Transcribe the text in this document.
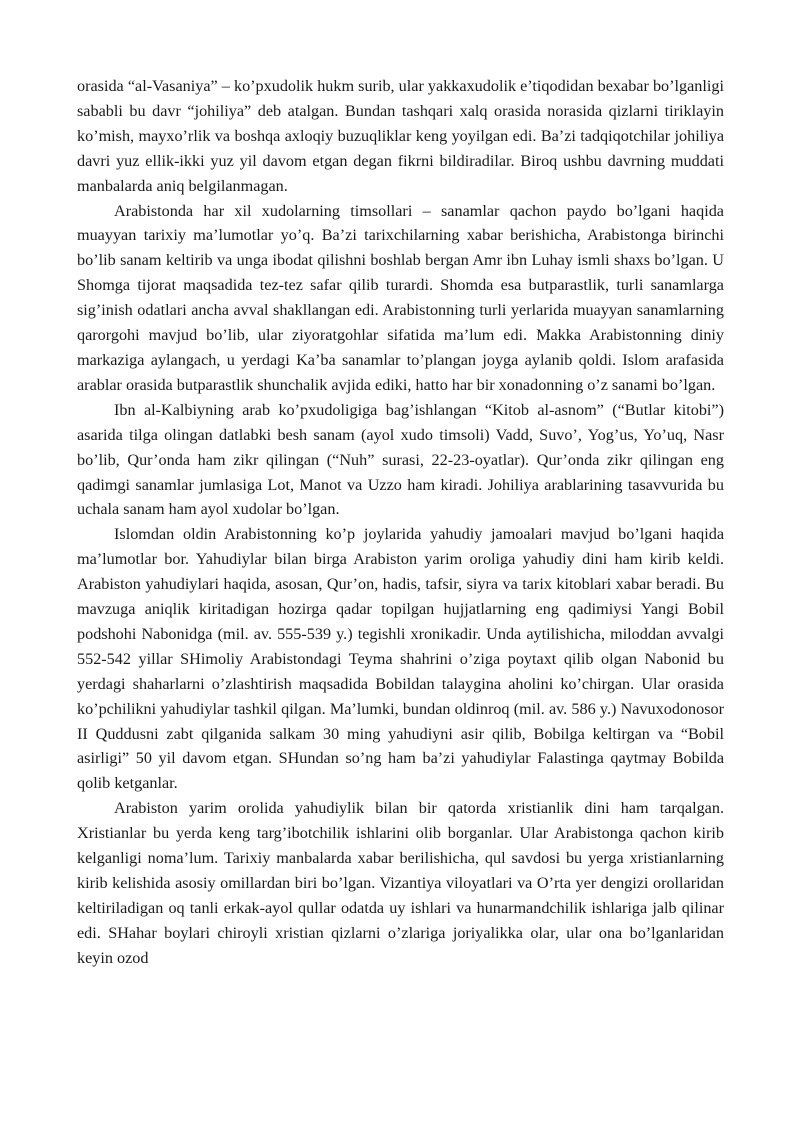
orasida “al-Vasaniya” – ko’pxudolik hukm surib, ular yakkaxudolik e’tiqodidan bexabar bo’lganligi sababli bu davr “johiliya” deb atalgan. Bundan tashqari xalq orasida norasida qizlarni tiriklayin ko’mish, mayxo’rlik va boshqa axloqiy buzuqliklar keng yoyilgan edi. Ba’zi tadqiqotchilar johiliya davri yuz ellik-ikki yuz yil davom etgan degan fikrni bildiradilar. Biroq ushbu davrning muddati manbalarda aniq belgilanmagan.

Arabistonda har xil xudolarning timsollari – sanamlar qachon paydo bo’lgani haqida muayyan tarixiy ma’lumotlar yo’q. Ba’zi tarixchilarning xabar berishicha, Arabistonga birinchi bo’lib sanam keltirib va unga ibodat qilishni boshlab bergan Amr ibn Luhay ismli shaxs bo’lgan. U Shomga tijorat maqsadida tez-tez safar qilib turardi. Shomda esa butparastlik, turli sanamlarga sig’inish odatlari ancha avval shakllangan edi. Arabistonning turli yerlarida muayyan sanamlarning qarorgohi mavjud bo’lib, ular ziyoratgohlar sifatida ma’lum edi. Makka Arabistonning diniy markaziga aylangach, u yerdagi Ka’ba sanamlar to’plangan joyga aylanib qoldi. Islom arafasida arablar orasida butparastlik shunchalik avjida ediki, hatto har bir xonadonning o’z sanami bo’lgan.

Ibn al-Kalbiyning arab ko’pxudoligiga bag’ishlangan “Kitob al-asnom” (“Butlar kitobi”) asarida tilga olingan datlabki besh sanam (ayol xudo timsoli) Vadd, Suvo’, Yog’us, Yo’uq, Nasr bo’lib, Qur’onda ham zikr qilingan (“Nuh” surasi, 22-23-oyatlar). Qur’onda zikr qilingan eng qadimgi sanamlar jumlasiga Lot, Manot va Uzzo ham kiradi. Johiliya arablarining tasavvurida bu uchala sanam ham ayol xudolar bo’lgan.

Islomdan oldin Arabistonning ko’p joylarida yahudiy jamoalari mavjud bo’lgani haqida ma’lumotlar bor. Yahudiylar bilan birga Arabiston yarim oroliga yahudiy dini ham kirib keldi. Arabiston yahudiylari haqida, asosan, Qur’on, hadis, tafsir, siyra va tarix kitoblari xabar beradi. Bu mavzuga aniqlik kiritadigan hozirga qadar topilgan hujjatlarning eng qadimiysi Yangi Bobil podshohi Nabonidga (mil. av. 555-539 y.) tegishli xronikadir. Unda aytilishicha, miloddan avvalgi 552-542 yillar SHimoliy Arabistondagi Teyma shahrini o’ziga poytaxt qilib olgan Nabonid bu yerdagi shaharlarni o’zlashtirish maqsadida Bobildan talaygina aholini ko’chirgan. Ular orasida ko’pchilikni yahudiylar tashkil qilgan. Ma’lumki, bundan oldinroq (mil. av. 586 y.) Navuxodonosor II Quddusni zabt qilganida salkam 30 ming yahudiyni asir qilib, Bobilga keltirgan va “Bobil asirligi” 50 yil davom etgan. SHundan so’ng ham ba’zi yahudiylar Falastinga qaytmay Bobilda qolib ketganlar.

Arabiston yarim orolida yahudiylik bilan bir qatorda xristianlik dini ham tarqalgan. Xristianlar bu yerda keng targ’ibotchilik ishlarini olib borganlar. Ular Arabistonga qachon kirib kelganligi noma’lum. Tarixiy manbalarda xabar berilishicha, qul savdosi bu yerga xristianlarning kirib kelishida asosiy omillardan biri bo’lgan. Vizantiya viloyatlari va O’rta yer dengizi orollaridan keltiriladigan oq tanli erkak-ayol qullar odatda uy ishlari va hunarmandchilik ishlariga jalb qilinar edi. SHahar boylari chiroyli xristian qizlarni o’zlariga joriyalikka olar, ular ona bo’lganlaridan keyin ozod
